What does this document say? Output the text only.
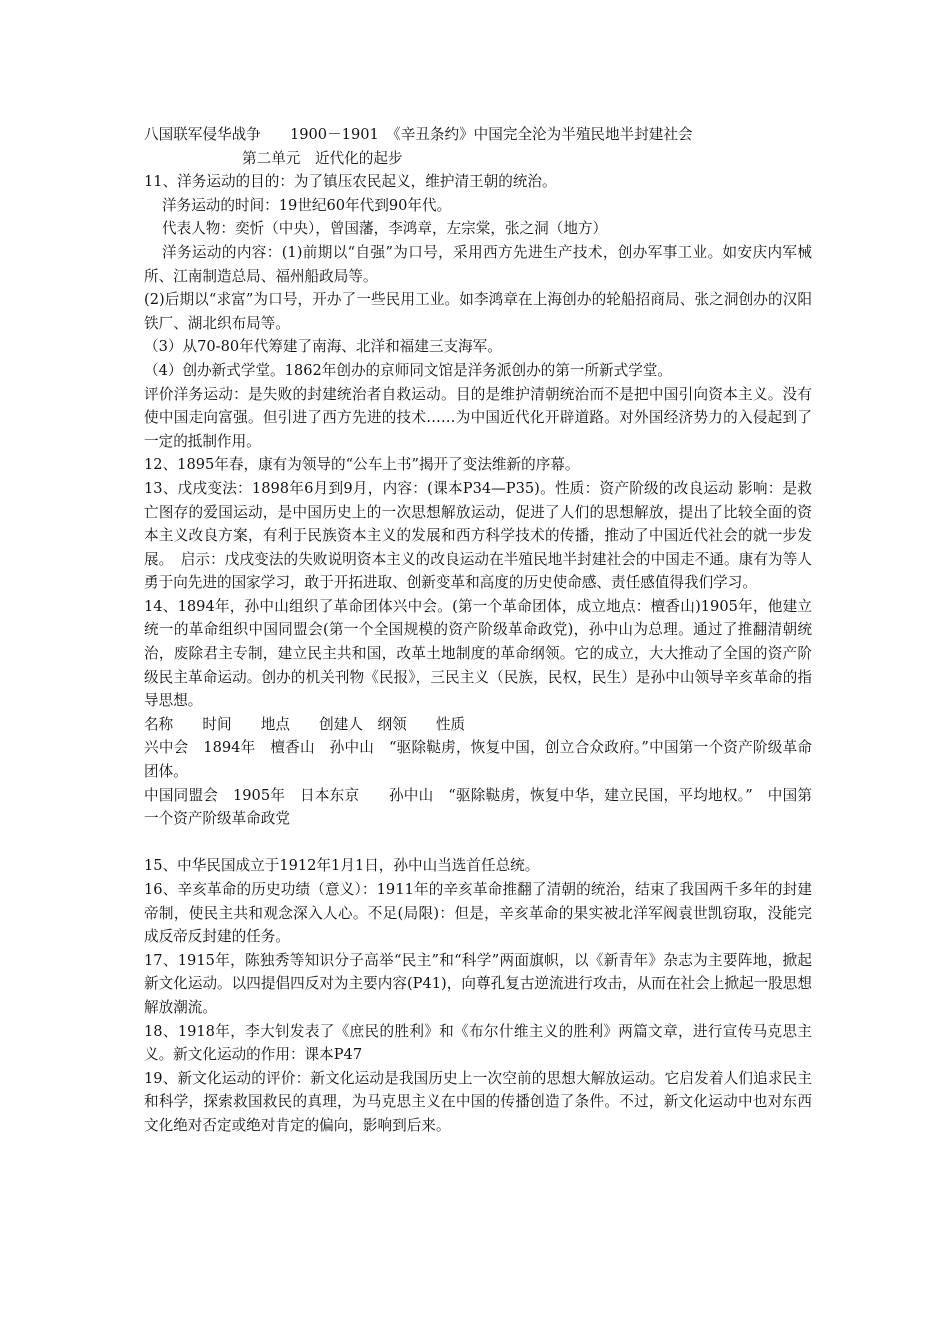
八国联军侵华战争　　1900－1901　《辛丑条约》中国完全沦为半殖民地半封建社会

第二单元　近代化的起步

11、洋务运动的目的：为了镇压农民起义，维护清王朝的统治。

洋务运动的时间：19世纪60年代到90年代。

代表人物：奕忻（中央），曾国藩，李鸿章，左宗棠，张之洞（地方）

洋务运动的内容：(1)前期以“自强”为口号，采用西方先进生产技术，创办军事工业。如安庆内军械所、江南制造总局、福州船政局等。

(2)后期以“求富”为口号，开办了一些民用工业。如李鸿章在上海创办的轮船招商局、张之洞创办的汉阳铁厂、湖北织布局等。

（3）从70-80年代筹建了南海、北洋和福建三支海军。

（4）创办新式学堂。1862年创办的京师同文馆是洋务派创办的第一所新式学堂。

评价洋务运动：是失败的封建统治者自救运动。目的是维护清朝统治而不是把中国引向资本主义。没有使中国走向富强。但引进了西方先进的技术……为中国近代化开辟道路。对外国经济势力的入侵起到了一定的抵制作用。

12、1895年春，康有为领导的“公车上书”揭开了变法维新的序幕。

13、戊戌变法：1898年6月到9月，内容：(课本P34—P35)。性质：资产阶级的改良运动 影响：是救亡图存的爱国运动，是中国历史上的一次思想解放运动，促进了人们的思想解放，提出了比较全面的资本主义改良方案，有利于民族资本主义的发展和西方科学技术的传播，推动了中国近代社会的就一步发展。　启示：戊戌变法的失败说明资本主义的改良运动在半殖民地半封建社会的中国走不通。康有为等人勇于向先进的国家学习，敢于开拓进取、创新变革和高度的历史使命感、责任感值得我们学习。

14、1894年，孙中山组织了革命团体兴中会。(第一个革命团体，成立地点：檀香山)1905年，他建立统一的革命组织中国同盟会(第一个全国规模的资产阶级革命政党)，孙中山为总理。通过了推翻清朝统治，废除君主专制，建立民主共和国，改革土地制度的革命纲领。它的成立，大大推动了全国的资产阶级民主革命运动。创办的机关刊物《民报》，三民主义（民族，民权，民生）是孙中山领导辛亥革命的指导思想。

名称　　时间　　地点　　创建人　纲领　　性质

兴中会　1894年　檀香山　孙中山　“驱除鞑虏，恢复中国，创立合众政府。”中国第一个资产阶级革命团体。

中国同盟会　1905年　日本东京　　孙中山　“驱除鞑虏，恢复中华，建立民国，平均地权。”　中国第一个资产阶级革命政党

15、中华民国成立于1912年1月1日，孙中山当选首任总统。

16、辛亥革命的历史功绩（意义）：1911年的辛亥革命推翻了清朝的统治，结束了我国两千多年的封建帝制，使民主共和观念深入人心。不足(局限)：但是，辛亥革命的果实被北洋军阀袁世凯窃取，没能完成反帝反封建的任务。

17、1915年，陈独秀等知识分子高举“民主”和“科学”两面旗帜，以《新青年》杂志为主要阵地，掀起新文化运动。以四提倡四反对为主要内容(P41)，向尊孔复古逆流进行攻击，从而在社会上掀起一股思想解放潮流。

18、1918年，李大钊发表了《庶民的胜利》和《布尔什维主义的胜利》两篇文章，进行宣传马克思主义。新文化运动的作用：课本P47

19、新文化运动的评价：新文化运动是我国历史上一次空前的思想大解放运动。它启发着人们追求民主和科学，探索救国救民的真理，为马克思主义在中国的传播创造了条件。不过，新文化运动中也对东西文化绝对否定或绝对肯定的偏向，影响到后来。
